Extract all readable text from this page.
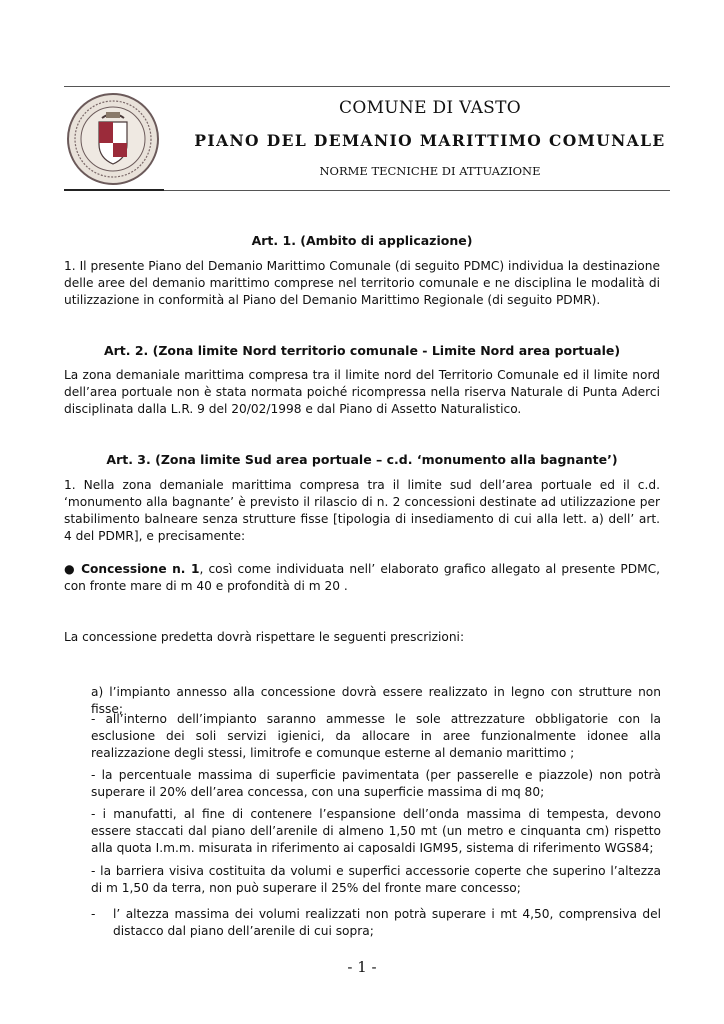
COMUNE DI VASTO
PIANO DEL DEMANIO MARITTIMO COMUNALE
NORME TECNICHE DI ATTUAZIONE
Art. 1. (Ambito di applicazione)

1. Il presente Piano del Demanio Marittimo Comunale (di seguito PDMC) individua la destinazione delle aree del demanio marittimo comprese nel territorio comunale e ne disciplina le modalità di utilizzazione in conformità al Piano del Demanio Marittimo Regionale (di seguito PDMR).

Art. 2. (Zona limite Nord territorio comunale - Limite Nord area portuale)

La zona demaniale marittima compresa tra il limite nord del Territorio Comunale ed il limite nord dell’area portuale non è stata normata poiché ricompressa nella riserva Naturale di Punta Aderci disciplinata dalla L.R. 9 del 20/02/1998 e dal Piano di Assetto Naturalistico.

Art. 3. (Zona limite Sud area portuale – c.d. ‘monumento alla bagnante’)

1. Nella zona demaniale marittima compresa tra il limite sud dell’area portuale ed il c.d. ‘monumento alla bagnante’ è previsto il rilascio di n. 2 concessioni destinate ad utilizzazione per stabilimento balneare senza strutture fisse [tipologia di insediamento di cui alla lett. a) dell’ art. 4 del PDMR], e precisamente:

● Concessione n. 1, così come individuata nell’ elaborato grafico allegato al presente PDMC, con fronte mare di m 40 e profondità di m 20 .

La concessione predetta dovrà rispettare le seguenti prescrizioni:

a) l’impianto annesso alla concessione dovrà essere realizzato in legno con strutture non fisse;

- all’interno dell’impianto saranno ammesse le sole attrezzature obbligatorie con la esclusione dei soli servizi igienici, da allocare in aree funzionalmente idonee alla realizzazione degli stessi, limitrofe e comunque esterne al demanio marittimo ;

- la percentuale massima di superficie pavimentata (per passerelle e piazzole) non potrà superare il 20% dell’area concessa, con una superficie massima di mq 80;

- i manufatti, al fine di contenere l’espansione dell’onda massima di tempesta, devono essere staccati dal piano dell’arenile di almeno 1,50 mt (un metro e cinquanta cm) rispetto alla quota I.m.m. misurata in riferimento ai caposaldi IGM95, sistema di riferimento WGS84;

- la barriera visiva costituita da volumi e superfici accessorie coperte che superino l’altezza di m 1,50 da terra, non può superare il 25% del fronte mare concesso;

- l’ altezza massima dei volumi realizzati non potrà superare i mt 4,50, comprensiva del distacco dal piano dell’arenile di cui sopra;

- 1 -
